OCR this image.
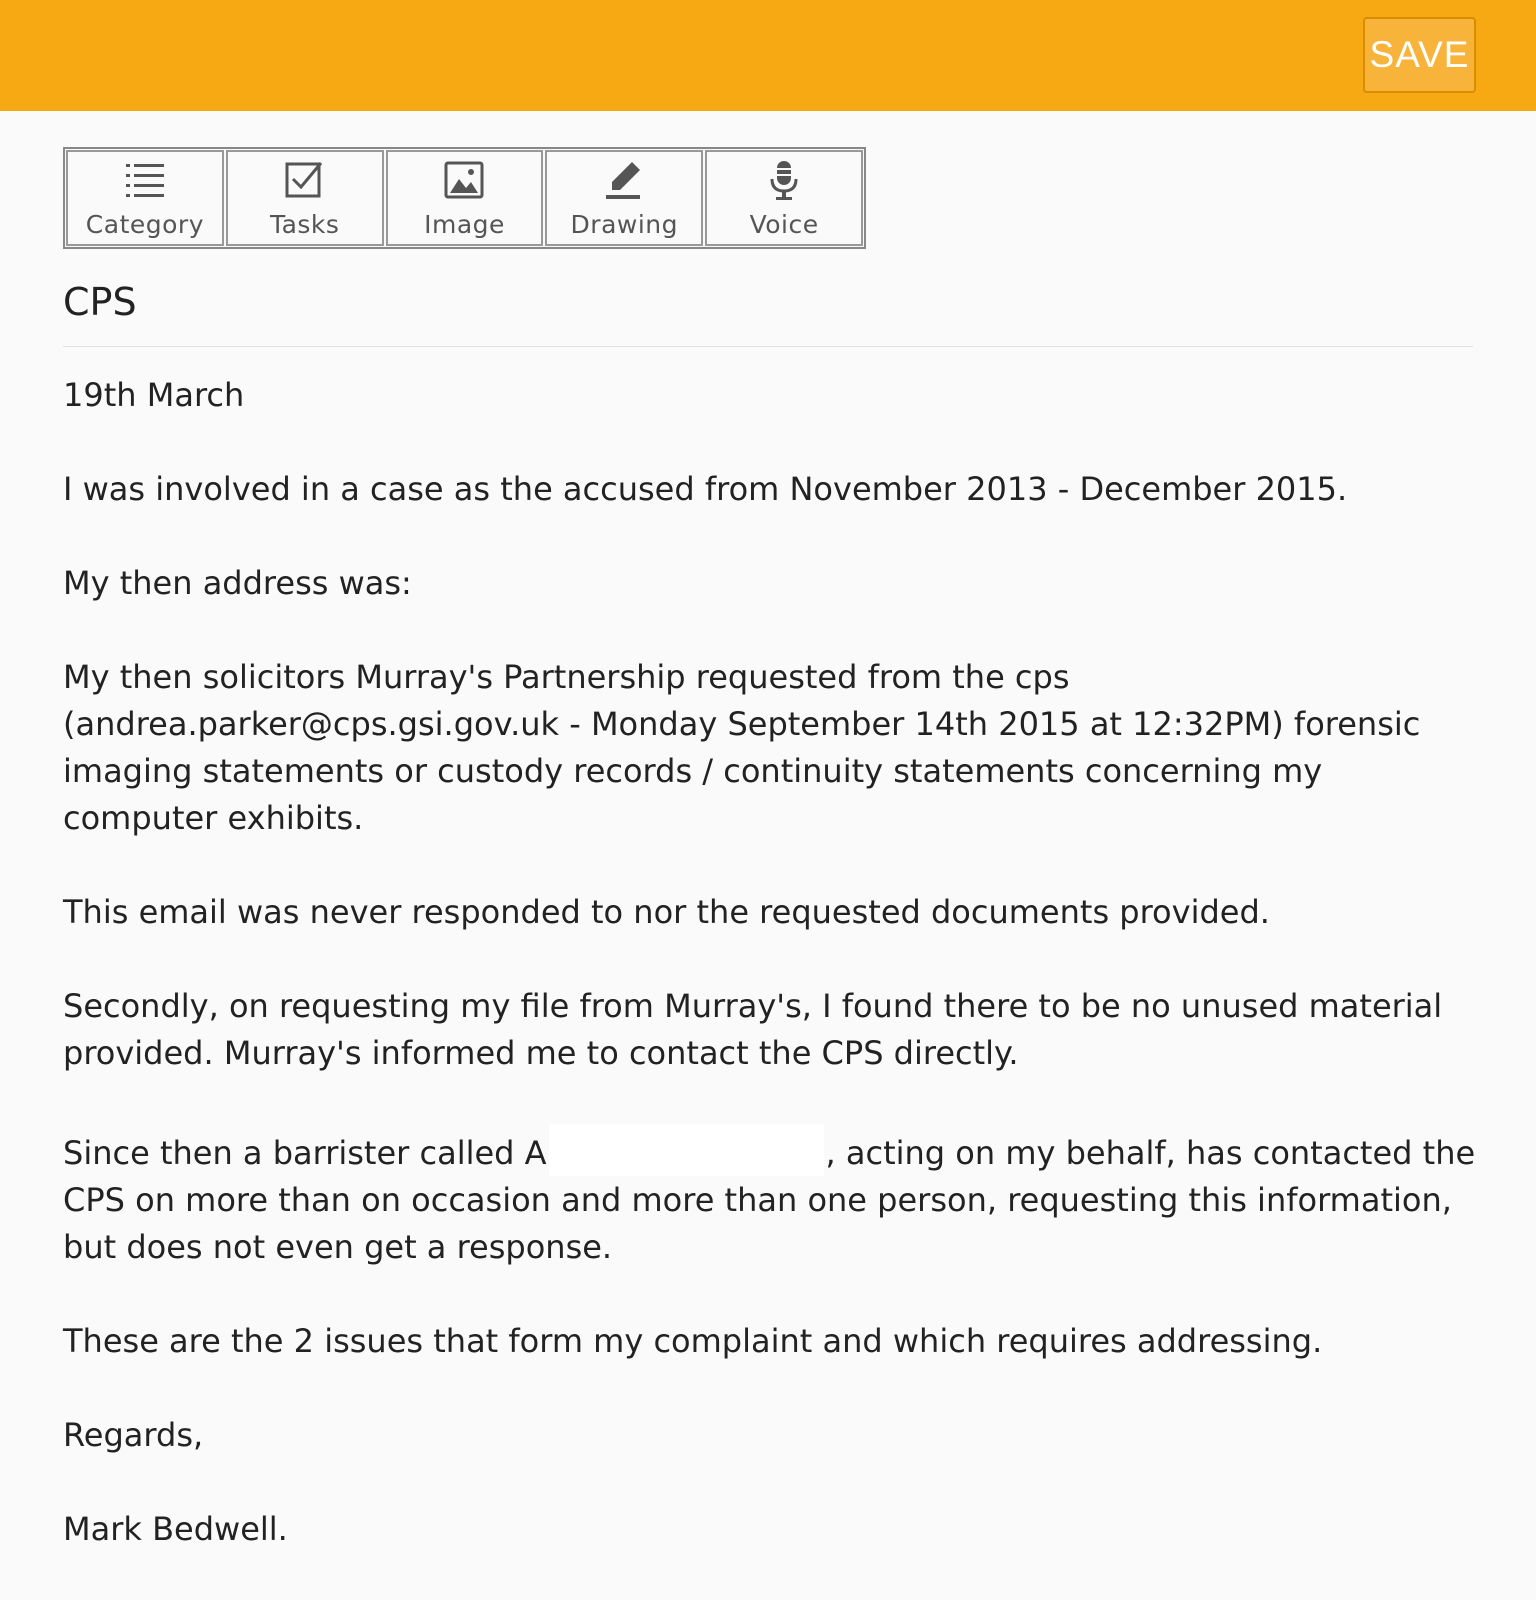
SAVE
Category	Tasks	Image	Drawing	Voice
CPS

19th March

I was involved in a case as the accused from November 2013 - December 2015.

My then address was:

My then solicitors Murray's Partnership requested from the cps (andrea.parker@cps.gsi.gov.uk - Monday September 14th 2015 at 12:32PM) forensic imaging statements or custody records / continuity statements concerning my computer exhibits.

This email was never responded to nor the requested documents provided.

Secondly, on requesting my file from Murray's, I found there to be no unused material provided. Murray's informed me to contact the CPS directly.

Since then a barrister called A	, acting on my behalf, has contacted the CPS on more than on occasion and more than one person, requesting this information, but does not even get a response.

These are the 2 issues that form my complaint and which requires addressing.

Regards,

Mark Bedwell.
